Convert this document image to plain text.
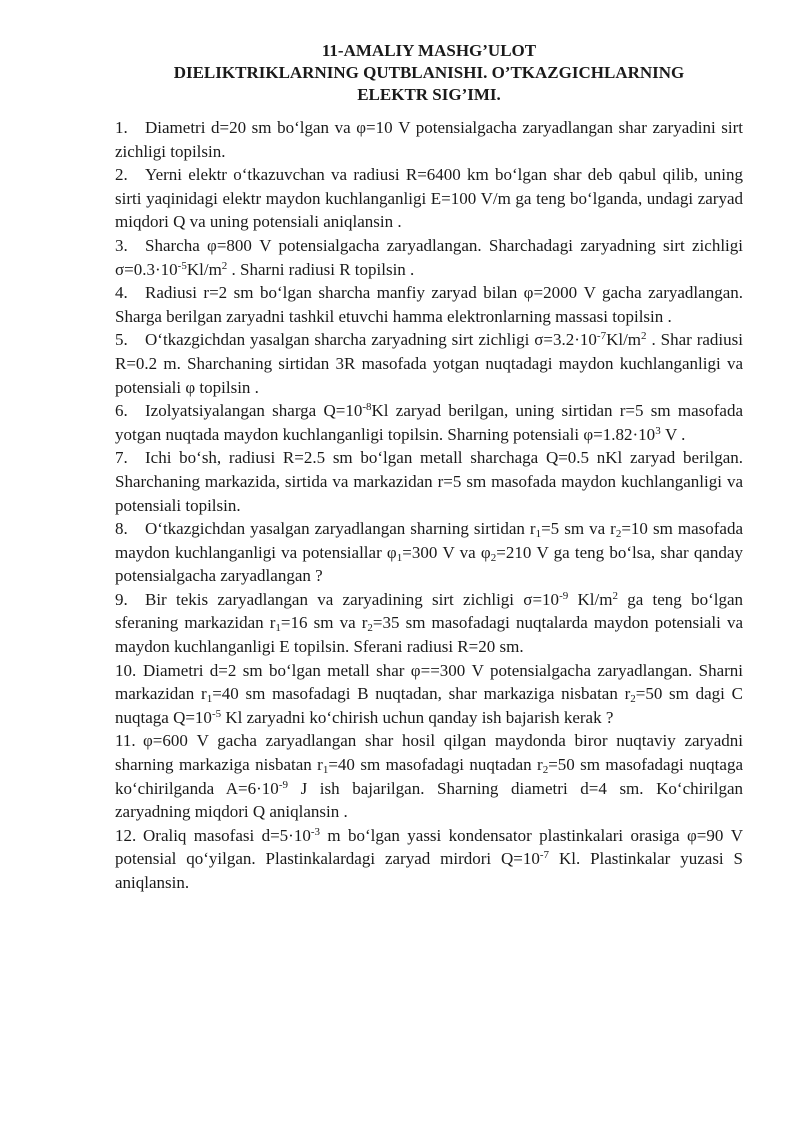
11-AMALIY MASHG’ULOT
DIELIKTRIKLARNING QUTBLANISHI. O’TKAZGICHLARNING
ELEKTR SIG’IMI.

1. Diametri d=20 sm bo‘lgan va φ=10 V potensialgacha zaryadlangan shar zaryadini sirt zichligi topilsin.

2. Yerni elektr o‘tkazuvchan va radiusi R=6400 km bo‘lgan shar deb qabul qilib, uning sirti yaqinidagi elektr maydon kuchlanganligi E=100 V/m ga teng bo‘lganda, undagi zaryad miqdori Q va uning potensiali aniqlansin .

3. Sharcha φ=800 V potensialgacha zaryadlangan. Sharchadagi zaryadning sirt zichligi $\sigma=0.3\cdot 10^{-5}Kl/m^2$ . Sharni radiusi R topilsin .

4. Radiusi r=2 sm bo‘lgan sharcha manfiy zaryad bilan φ=2000 V gacha zaryadlangan. Sharga berilgan zaryadni tashkil etuvchi hamma elektronlarning massasi topilsin .

5. O‘tkazgichdan yasalgan sharcha zaryadning sirt zichligi $\sigma=3.2\cdot 10^{-7}Kl/m^2$ . Shar radiusi R=0.2 m. Sharchaning sirtidan 3R masofada yotgan nuqtadagi maydon kuchlanganligi va potensiali φ topilsin .

6. Izolyatsiyalangan sharga $Q=10^{-8}Kl$ zaryad berilgan, uning sirtidan r=5 sm masofada yotgan nuqtada maydon kuchlanganligi topilsin. Sharning potensiali $\varphi=1.82\cdot 10^3$ V .

7. Ichi bo‘sh, radiusi R=2.5 sm bo‘lgan metall sharchaga Q=0.5 nKl zaryad berilgan. Sharchaning markazida, sirtida va markazidan r=5 sm masofada maydon kuchlanganligi va potensiali topilsin.

8. O‘tkazgichdan yasalgan zaryadlangan sharning sirtidan $r_1=5$ sm va $r_2=10$ sm masofada maydon kuchlanganligi va potensiallar $\varphi_1=300$ V va $\varphi_2=210$ V ga teng bo‘lsa, shar qanday potensialgacha zaryadlangan ?

9. Bir tekis zaryadlangan va zaryadining sirt zichligi $\sigma=10^{-9}$ $Kl/m^2$ ga teng bo‘lgan sferaning markazidan $r_1=16$ sm va $r_2=35$ sm masofadagi nuqtalarda maydon potensiali va maydon kuchlanganligi E topilsin. Sferani radiusi R=20 sm.

10. Diametri d=2 sm bo‘lgan metall shar φ==300 V potensialgacha zaryadlangan. Sharni markazidan $r_1=40$ sm masofadagi B nuqtadan, shar markaziga nisbatan $r_2=50$ sm dagi C nuqtaga $Q=10^{-5}$ Kl zaryadni ko‘chirish uchun qanday ish bajarish kerak ?

11. φ=600 V gacha zaryadlangan shar hosil qilgan maydonda biror nuqtaviy zaryadni sharning markaziga nisbatan $r_1=40$ sm masofadagi nuqtadan $r_2=50$ sm masofadagi nuqtaga ko‘chirilganda $A=6\cdot 10^{-9}$ J ish bajarilgan. Sharning diametri d=4 sm. Ko‘chirilgan zaryadning miqdori Q aniqlansin .

12. Oraliq masofasi $d=5\cdot 10^{-3}$ m bo‘lgan yassi kondensator plastinkalari orasiga φ=90 V potensial qo‘yilgan. Plastinkalardagi zaryad mirdori $Q=10^{-7}$ Kl. Plastinkalar yuzasi S aniqlansin.
